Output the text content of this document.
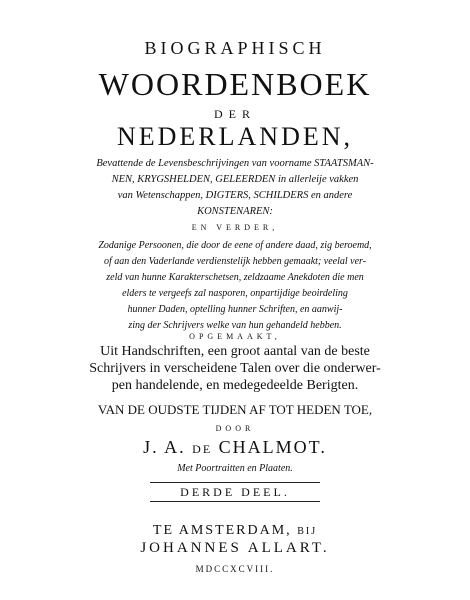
BIOGRAPHISCH
WOORDENBOEK
DER
NEDERLANDEN,
Bevattende de Levensbeschrijvingen van voorname STAATSMAN-
NEN, KRYGSHELDEN, GELEERDEN in allerleije vakken
van Wetenschappen, DIGTERS, SCHILDERS en andere
KONSTENAREN:
EN VERDER,
Zodanige Persoonen, die door de eene of andere daad, zig beroemd,
of aan den Vaderlande verdienstelijk hebben gemaakt; veelal ver-
zeld van hunne Karakterschetsen, zeldzaame Anekdoten die men
elders te vergeefs zal nasporen, onpartijdige beoirdeling
hunner Daden, optelling hunner Schriften, en aanwij-
zing der Schrijvers welke van hun gehandeld hebben.
OPGEMAAKT,
Uit Handschriften, een groot aantal van de beste
Schrijvers in verscheidene Talen over die onderwer-
pen handelende, en medegedeelde Berigten.
VAN DE OUDSTE TIJDEN AF TOT HEDEN TOE,
DOOR
J. A. DE CHALMOT.
Met Poortraitten en Plaaten.
DERDE DEEL.
TE AMSTERDAM, BIJ
JOHANNES ALLART.
MDCCXCVIII.
